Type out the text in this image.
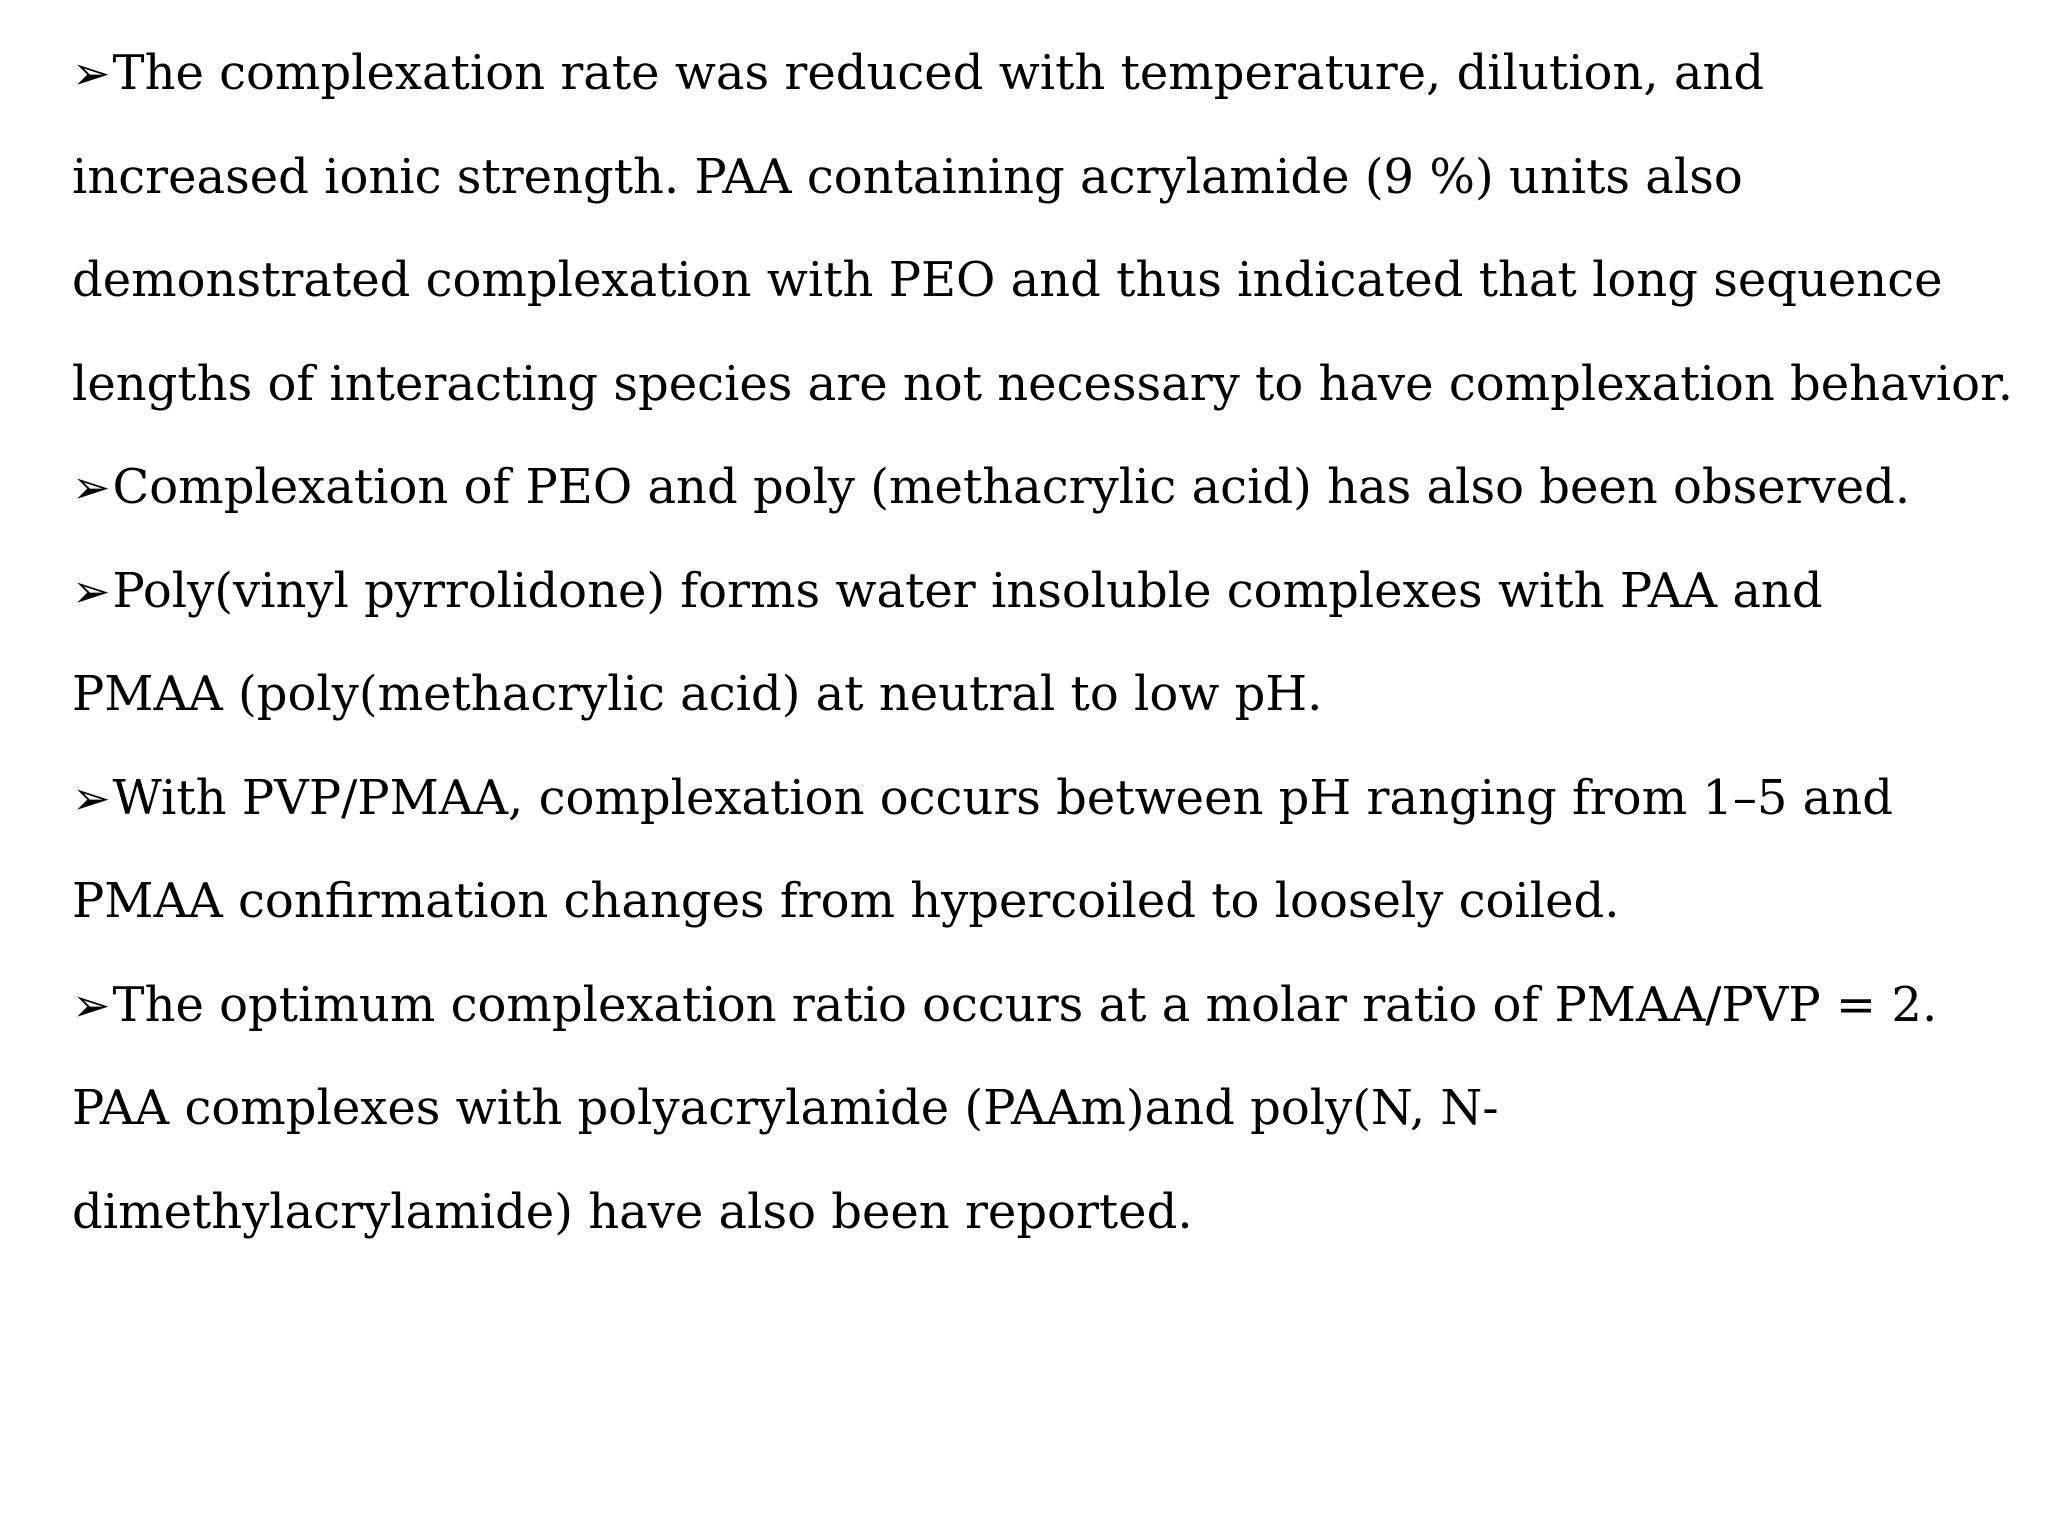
➢The complexation rate was reduced with temperature, dilution, and
increased ionic strength. PAA containing acrylamide (9 %) units also
demonstrated complexation with PEO and thus indicated that long sequence
lengths of interacting species are not necessary to have complexation behavior.
➢Complexation of PEO and poly (methacrylic acid) has also been observed.
➢Poly(vinyl pyrrolidone) forms water insoluble complexes with PAA and
PMAA (poly(methacrylic acid) at neutral to low pH.
➢With PVP/PMAA, complexation occurs between pH ranging from 1–5 and
PMAA confirmation changes from hypercoiled to loosely coiled.
➢The optimum complexation ratio occurs at a molar ratio of PMAA/PVP = 2.
PAA complexes with polyacrylamide (PAAm)and poly(N, N-
dimethylacrylamide) have also been reported.
